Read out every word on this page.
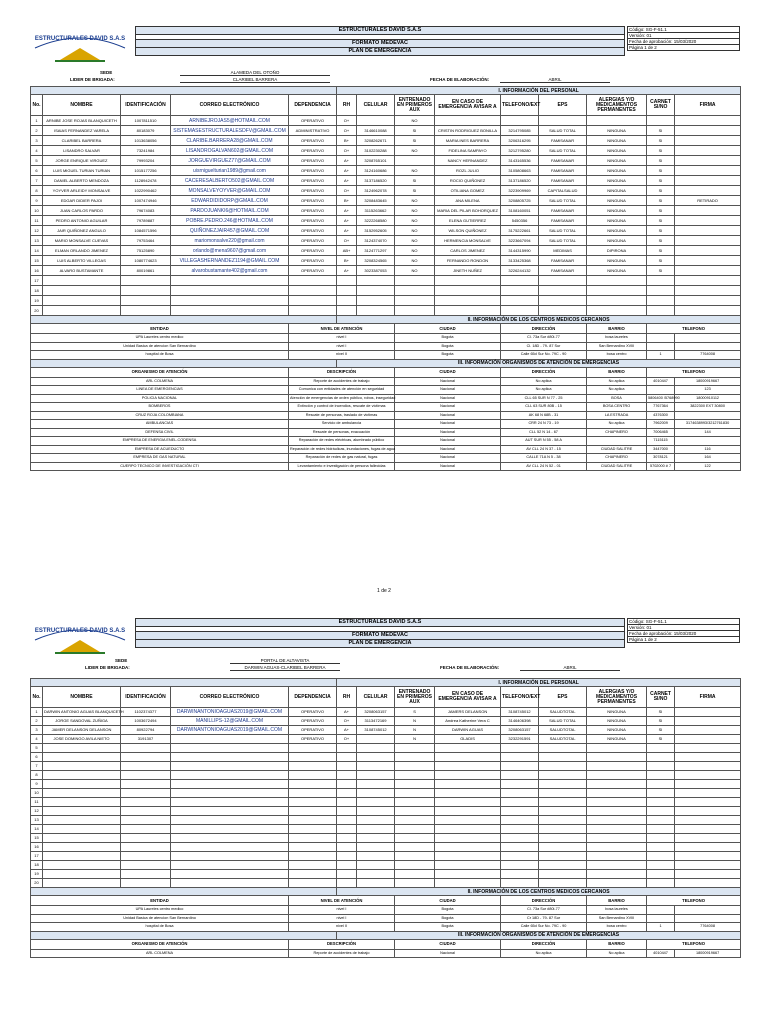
ESTRUCTURALES DAVID S.A.S
ESTRUCTURALES DAVID S.A.S
FORMATO MEDEVAC
PLAN DE EMERGENCIA
Código: SG-F-51.1
Versión: 01
Fecha de aprobación: 15/03/2020
Página 1 de 2
SEDE	ALAMEDA DEL OTOÑO
LIDER DE BRIGADA:	CLARIBEL BARRERA	FECHA DE ELABORACIÓN:	ABRIL
					I. INFORMACIÓN DEL PERSONAL								
No.	NOMBRE	IDENTIFICACIÓN	CORREO ELECTRÓNICO	DEPENDENCIA	RH	CELULAR	ENTRENADO EN PRIMEROS AUX	EN CASO DE EMERGENCIA AVISAR A	TELEFONO/EXT	EPS	ALERGIAS Y/O MEDICAMENTOS PERMANENTES	CARNET SI/NO	FIRMA
1	ARNIBE JOSE ROJAS BLANQUICETH	1007811510	ARNIBEJROJAS5@HOTMAIL.COM	OPERATIVO	O+		NO						
2	ISAIAS FERNANDEZ VARELA	80183079	SISTEMASESTRUCTURALESDFV@GMAIL.COM	ADMINISTRATIVO	O+	3146610088	SI	CRISTIN RODRIGUEZ BONILLA	3214795085	SALUD TOTAL	NINGUNA	SI	
3	CLARIBEL BARRERA	1013638056	CLARIBE.BARRERA28@GMAIL.COM	OPERATIVO	B+	3208262671	SI	MARIA INES BARRERA	3206316295	FAMISANAR	NINGUNA	SI	
4	LISANDRO SALVAR	73241984	LISANDROGALVAN602@GMAIL.COM	OPERATIVO	O+	3102230288	NO	FIDELINA SAMPAYO	3212795280	SALUD TOTAL	NINGUNA	SI	
5	JORGE ENRIQUE VIRGUEZ	79993204	JORGUEVIRGUEZ77@GMAIL.COM	OPERATIVO	A+	3208765101		NANCY HERNANDEZ	3143165536	FAMISANAR	NINGUNA	SI	
6	LUIS MIGUEL TURIAN TURIAN	1015177256	uisrniguelturian1989@gmail.com	OPERATIVO	A+	3124160686	NO	ROZL JULIO	3105808663	FAMISANAR	NINGUNA	SI	
7	DANIEL ALBERTO MENDOZA	1128942478	CACERESALBERTO502@GMAIL.COM	OPERATIVO	A+	3137186520	SI	ROCIO QUIÑONEZ	3137186520	FAMISANAR	NINGUNA	SI	
8	YOYVER ARLEIDY MONSALVE	1022990462	MONSALVEYOYVER@GMAIL.COM	OPERATIVO	O+	3124962078	SI	OTILIANA GOMEZ	3223909969	CAPITALSALUD	NINGUNA	SI	
9	EDGAR DIDIER PAJOI	1007474946	EDWARDIDIDORP@GMAIL.COM	OPERATIVO	B+	3208483645	NO	ANA MILENA	3208805725	SALUD TOTAL	NINGUNA	SI	RETIRADO
10	JUAN CARLOS PARDO	79674083	PARDOJUANKI6@HOTMAIL.COM	OPERATIVO	A+	3115263662	NO	MARIA DEL PILAR BOHORQUEZ	3108160051	FAMISANAR	NINGUNA	SI	
11	PEDRO ANTONIO AGUILAR	79789887	POBRE.PEDRO.246@HOTMAIL.COM	OPERATIVO	A+	3222268580	NO	ELENA GUTIERREZ	5450356	FAMISANAR	NINGUNA	SI	
12	JAIR QUIÑONEZ ANGULO	1084571596	QUIÑONEZJAIR457@GMAIL.COM	OPERATIVO	A+	3152952605	NO	WILSON QUIÑONEZ	3175222661	SALUD TOTAL	NINGUNA	SI	
13	MARIO MONSALVE CUEVAS	79753464	mariomonsalve220@gmail.com	OPERATIVO	O+	3124374070	NO	HERMENCIA MONSALVE	3223667094	SALUD TOTAL	NINGUNA	SI	
14	ELMAN ORLANDO JIMENEZ	75125890	orlando@mena9607@gmail.com	OPERATIVO	AB+	3124771297	NO	CARLOS JIMENEZ	3144315990	MEDIMAS	DIPIRONA	SI	
15	LUIS ALBERTO VILLEGAS	1080774623	VILLEGASHERNANDEZ1194@GMAIL.COM	OPERATIVO	B+	3208324565	NO	FERNANDO RONDON	3133425368	FAMISANAR	NINGUNA	SI	
16	ALVARO BUSTAMANTE	80019861	alvarobustamante402@gmail.com	OPERATIVO	A+	3023387053	NO	JINETH NUÑEZ	3226244132	FAMISANAR	NINGUNA	SI	
17													
18													
19													
20													
					II. INFORMACIÓN DE LOS CENTROS MEDICOS CERCANOS								
ENTIDAD				NIVEL DE ATENCIÓN			CIUDAD		DIRECCIÓN		BARRIO	TELEFONO	
UPA Laureles centro medico				nivel I			Bogota		Cl. 73a Sur #80i-77		bosa laureles		
Unidad Basica de atencion San Bernardino				nivel I			Bogota		Cl. 18D - 79- 87 Sur		San Bernardino XVIII		
hospital de Bosa				nivel II			Bogota		Calle 65d Sur No. 79C - 90		bosa centro	1	7764008
					III. INFORMACIÓN ORGANISMOS DE ATENCIÓN DE EMERGENCIAS								
ORGANISMO DE ATENCIÓN				DESCRIPCIÓN			CIUDAD		DIRECCIÓN		BARRIO	TELEFONO	
ARL COLMENA				Reporte de accidentes de trabajo			Nacional		No aplica		No aplica	4010447	18000919667
LINEA DE EMERGENCIAS				Comunica con entidades de atención en seguridad			Nacional		No aplica		No aplica		123
POLICIA NACIONAL				Atención de emergencias de orden público, robos, inseguridad			Nacional		CLL 65 SUR N 77 - 25		BOSA	5806400 /5768990	18000910112
BOMBEROS				Extinción y control de incendios, rescate de víctimas			Nacional		CLL 63 SUR 80B - 15		BOSA CENTRO	7767364	3822300 EXT 30800
CRUZ ROJA COLOMBIANA				Rescate de personas, traslado de victimas			Nacional		AK 68 N 68B - 31		LA ESTRADA	4376300	
AMBULANCIAS				Servicio de ambulancia			Nacional		CRR 24 N 73 - 19		No aplica	7962009	3174638993/3212761830
DEFENSA CIVIL				Rescate de personas, evacuación			Nacional		CLL 52 N 14 - 67		CHAPINERO	7006465	144
EMPRESA DE ENERGIA ENEL-CODENSA				Reparación de redes eléctricas, alumbrado público			Nacional		AUT SUR N 55 - 58 A			7115115	
EMPRESA DE ACUEDUCTO				Reparación de redes hidráulicas, inundaciones, fugas de agua			Nacional		AV CLL 24 N 37 - 15		CIUDAD SALITRE	3447000	116
EMPRESA DE GAS NATURAL				Reparación de redes de gas natural, fugas			Nacional		CALLE 71A N 5 - 38		CHAPINERO	3078121	164
CUERPO TECNICO DE INVESTIGACIÓN CTI				Levantamiento e investigación de persona fallecidas			Nacional		AV CLL 24 N 52 - 01		CIUDAD SALITRE	5702000 # 7	122
1 de 2
ESTRUCTURALES DAVID S.A.S
ESTRUCTURALES DAVID S.A.S
FORMATO MEDEVAC
PLAN DE EMERGENCIA
Código: SG-F-51.1
Versión: 01
Fecha de aprobación: 15/03/2020
Página 1 de 2
SEDE	PORTAL DE ALTAVISTA
LIDER DE BRIGADA:	DARWIN AGUAS-CLARIBEL BARRERA	FECHA DE ELABORACIÓN:	ABRIL
					I. INFORMACIÓN DEL PERSONAL								
No.	NOMBRE	IDENTIFICACIÓN	CORREO ELECTRÓNICO	DEPENDENCIA	RH	CELULAR	ENTRENADO EN PRIMEROS AUX	EN CASO DE EMERGENCIA AVISAR A	TELEFONO/EXT	EPS	ALERGIAS Y/O MEDICAMENTOS PERMANENTES	CARNET SI/NO	FIRMA
1	DARWIN ANTONIO AGUAS BLANQUICETH	1102374377	DARWINANTONIOAGUAS2019@GMAIL.COM	OPERATIVO	A+	3208063157	S	JAMERS DELANSON	3108745012	SALUDTOTAL	NINGUNA	SI	
2	JORGE SANDOVAL ZUÑIGA	1003672494	MANILLIPS-12@GMAIL.COM	OPERATIVO	O+	3113472169	N	Andrea Katherine Vera C	3146406398	SALUD TOTAL	NINGUNA	SI	
3	JAMER DELANSON DELANSON	80922794	DARWINANTONIOAGUAS2019@GMAIL.COM	OPERATIVO	A+	3108745012	N	DARWIN AGUAS	3208063157	SALUDTOTAL	NINGUNA	SI	
4	JOSE DOMINGO AVILA NIETO	3191307		OPERATIVO	O+		N	GLADIS	3232291591	SALUDTOTAL	NINGUNA	SI	
5													
6													
7													
8													
9													
10													
11													
12													
13													
14													
15													
16													
17													
18													
19													
20													
					II. INFORMACIÓN DE LOS CENTROS MEDICOS CERCANOS								
ENTIDAD				NIVEL DE ATENCIÓN			CIUDAD		DIRECCIÓN		BARRIO	TELEFONO	
UPA Laureles centro medico				nivel I			Bogota		Cl. 73a Sur #80i-77		bosa laureles		
Unidad Basica de atencion San Bernardino				nivel I			Bogota		Cr 18D - 79- 87 Sur		San Bernardino XVIII		
hospital de Bosa				nivel II			Bogota		Calle 65d Sur No. 79C - 90		bosa centro	1	7764008
					III. INFORMACIÓN ORGANISMOS DE ATENCIÓN DE EMERGENCIAS								
ORGANISMO DE ATENCIÓN				DESCRIPCIÓN			CIUDAD		DIRECCIÓN		BARRIO	TELEFONO	
ARL COLMENA				Reporte de accidentes de trabajo			Nacional		No aplica		No aplica	4010447	18000919667
